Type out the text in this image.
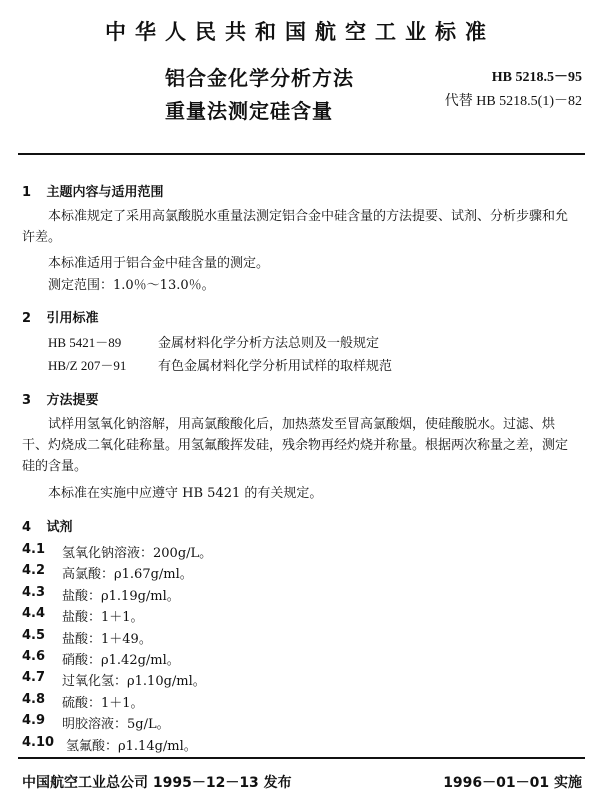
中华人民共和国航空工业标准
铝合金化学分析方法
重量法测定硅含量
HB 5218.5－95
代替 HB 5218.5(1)－82
1 主题内容与适用范围
本标准规定了采用高氯酸脱水重量法测定铝合金中硅含量的方法提要、试剂、分析步骤和允许差。
本标准适用于铝合金中硅含量的测定。
测定范围：1.0％～13.0％。
2 引用标准
HB 5421－89	金属材料化学分析方法总则及一般规定
HB/Z 207－91 有色金属材料化学分析用试样的取样规范
3 方法提要
试样用氢氧化钠溶解，用高氯酸酸化后，加热蒸发至冒高氯酸烟，使硅酸脱水。过滤、烘干、灼烧成二氧化硅称量。用氢氟酸挥发硅，残余物再经灼烧并称量。根据两次称量之差，测定硅的含量。
本标准在实施中应遵守 HB 5421 的有关规定。
4 试剂
4.1 氢氧化钠溶液：200g/L。
4.2 高氯酸：ρ1.67g/ml。
4.3 盐酸：ρ1.19g/ml。
4.4 盐酸：1＋1。
4.5 盐酸：1＋49。
4.6 硝酸：ρ1.42g/ml。
4.7 过氧化氢：ρ1.10g/ml。
4.8 硫酸：1＋1。
4.9 明胶溶液：5g/L。
4.10 氢氟酸：ρ1.14g/ml。
中国航空工业总公司 1995－12－13 发布	1996－01－01 实施
